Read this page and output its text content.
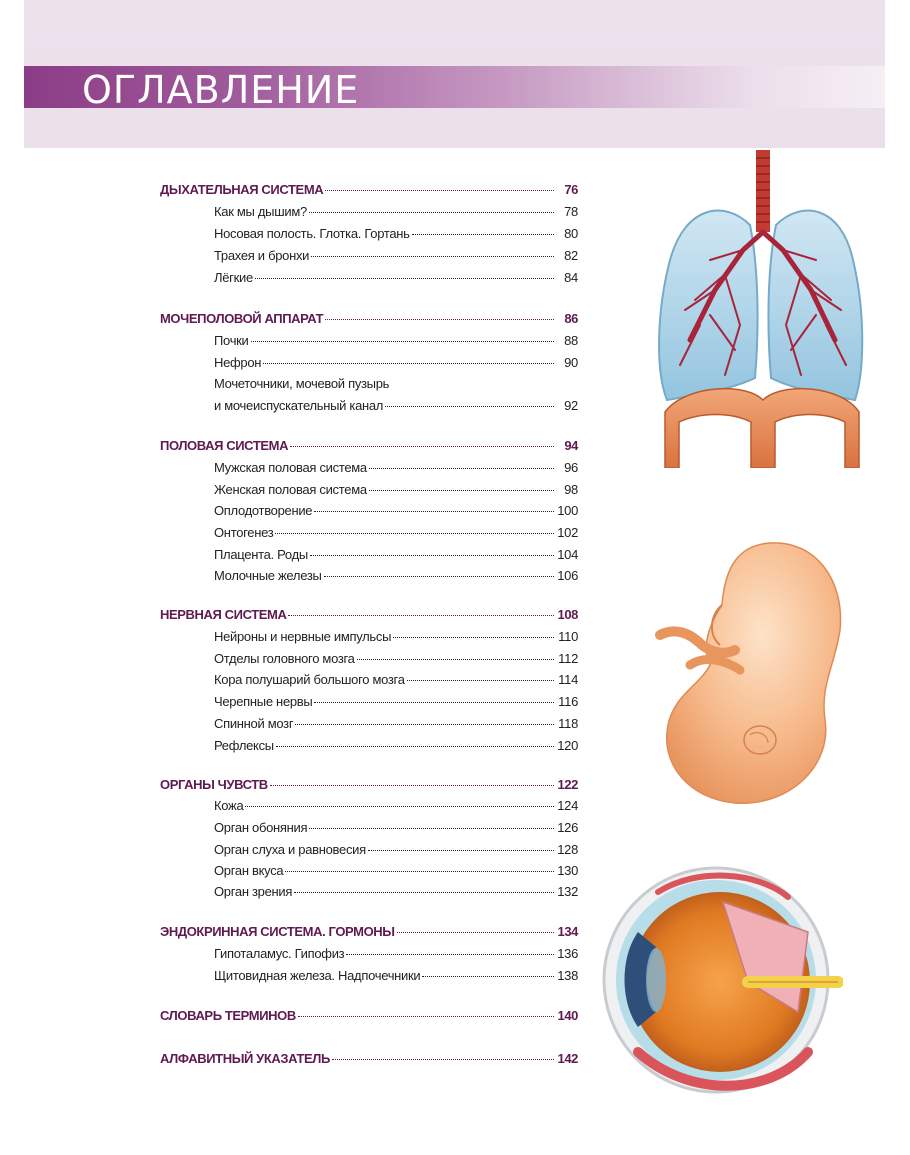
ОГЛАВЛЕНИЕ
ДЫХАТЕЛЬНАЯ СИСТЕМА	76
Как мы дышим?	78
Носовая полость. Глотка. Гортань	80
Трахея и бронхи	82
Лёгкие	84
МОЧЕПОЛОВОЙ АППАРАТ	86
Почки	88
Нефрон	90
Мочеточники, мочевой пузырь
и мочеиспускательный канал	92
ПОЛОВАЯ СИСТЕМА	94
Мужская половая система	96
Женская половая система	98
Оплодотворение	100
Онтогенез	102
Плацента. Роды	104
Молочные железы	106
НЕРВНАЯ СИСТЕМА	108
Нейроны и нервные импульсы	110
Отделы головного мозга	112
Кора полушарий большого мозга	114
Черепные нервы	116
Спинной мозг	118
Рефлексы	120
ОРГАНЫ ЧУВСТВ	122
Кожа	124
Орган обоняния	126
Орган слуха и равновесия	128
Орган вкуса	130
Орган зрения	132
ЭНДОКРИННАЯ СИСТЕМА. ГОРМОНЫ	134
Гипоталамус. Гипофиз	136
Щитовидная железа. Надпочечники	138
СЛОВАРЬ ТЕРМИНОВ	140
АЛФАВИТНЫЙ УКАЗАТЕЛЬ	142
